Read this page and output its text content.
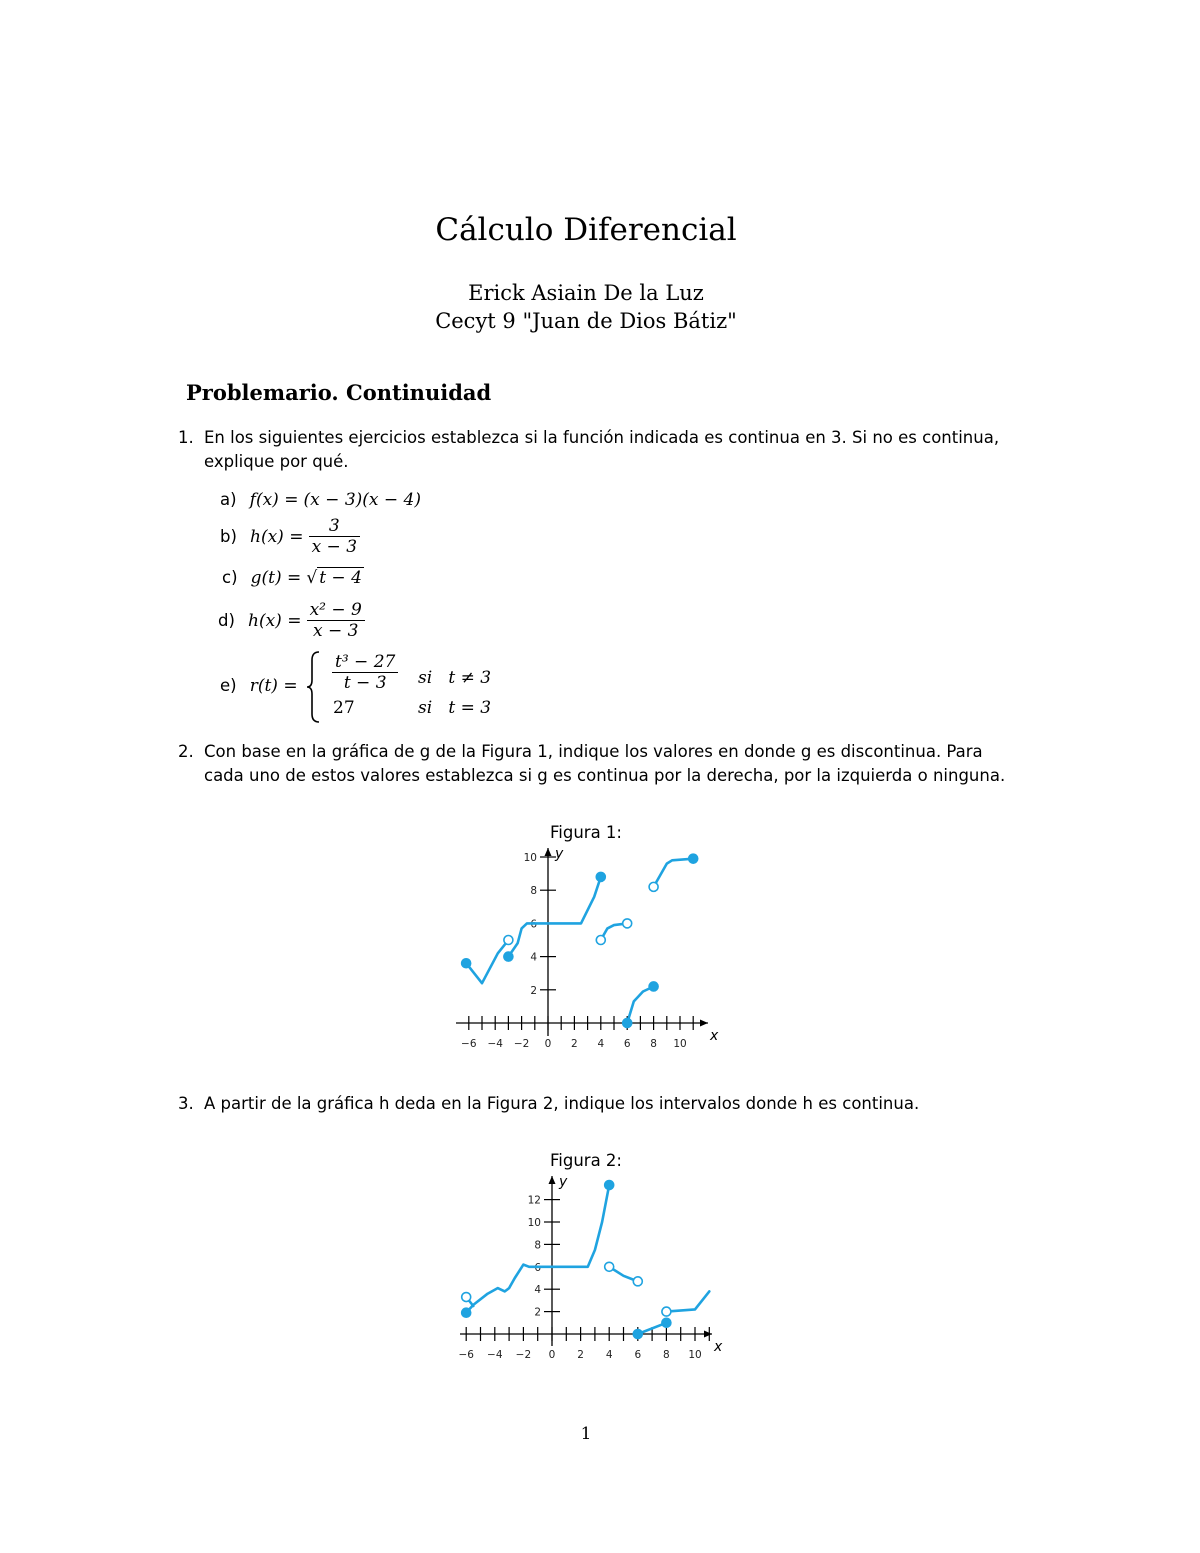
Cálculo Diferencial
Erick Asiain De la Luz
Cecyt 9 "Juan de Dios Bátiz"
Problemario. Continuidad
1. En los siguientes ejercicios establezca si la función indicada es continua en 3. Si no es continua,
explique por qué.
a) f(x) = (x − 3)(x − 4)
b) $h(x) = \frac{3}{x - 3}$
c) g(t) = √ t − 4
d) $h(x) = \frac{\text{x² − 9}}{x - 3}$
e) $r(t) = \frac{\text{t³ − 27}}{t - 3}$ si   t ≠ 3
27	si   t = 3
2. Con base en la gráfica de g de la Figura 1, indique los valores en donde g es discontinua. Para
cada uno de estos valores establezca si g es continua por la derecha, por la izquierda o ninguna.
Figura 1:
−6 −4 −2 0 2 4 6 8 10
2
4
6
8
10
x
y
3. A partir de la gráfica h deda en la Figura 2, indique los intervalos donde h es continua.
Figura 2:
−6 −4 −2 0 2 4 6 8 10
2
4
6
8
10
12
x
y
1
